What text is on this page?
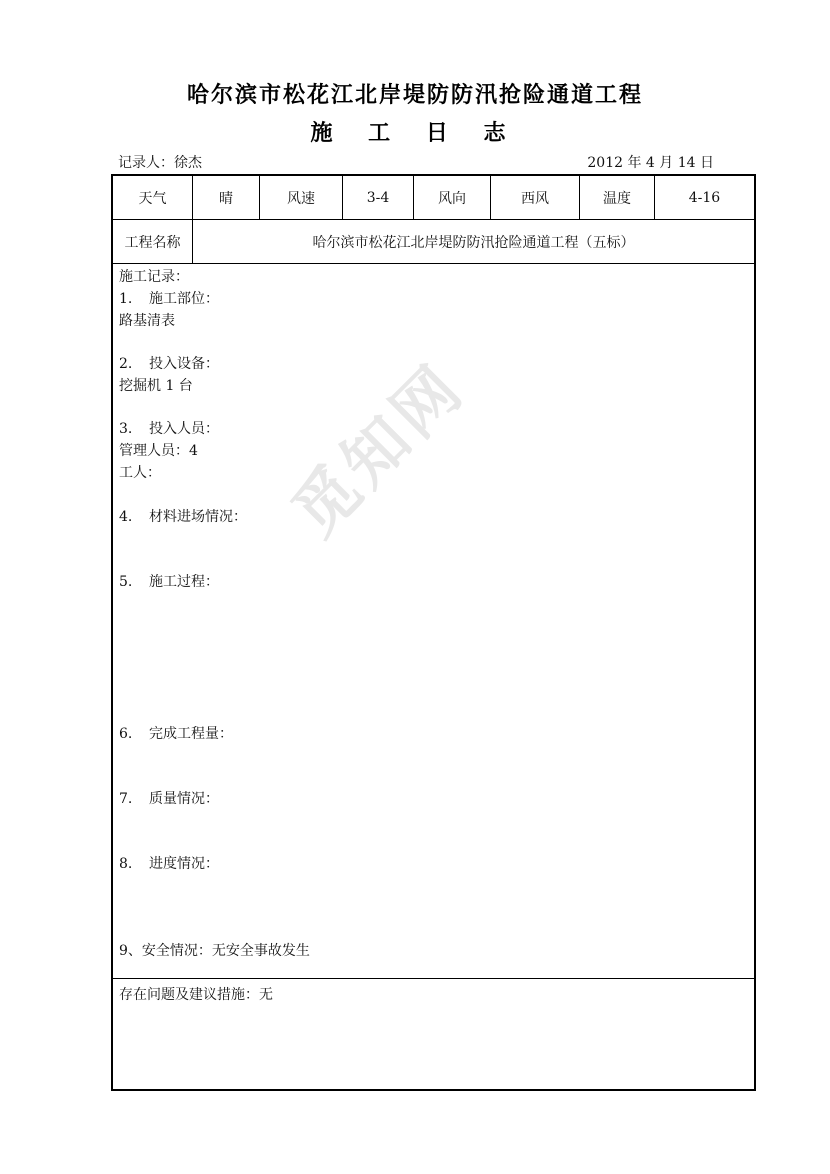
哈尔滨市松花江北岸堤防防汛抢险通道工程
施 工 日 志
记录人：徐杰	2012 年 4 月 14 日
觅知网
天气	晴	风速	3-4	风向	西风	温度	4-16
工程名称	哈尔滨市松花江北岸堤防防汛抢险通道工程（五标）						
施工记录：
1. 施工部位：
路基清表
2. 投入设备：
挖掘机 1 台
3. 投入人员：
管理人员：4
工人：
4. 材料进场情况：
5. 施工过程：
6. 完成工程量：
7. 质量情况：
8. 进度情况：
9、安全情况：无安全事故发生
存在问题及建议措施：无
